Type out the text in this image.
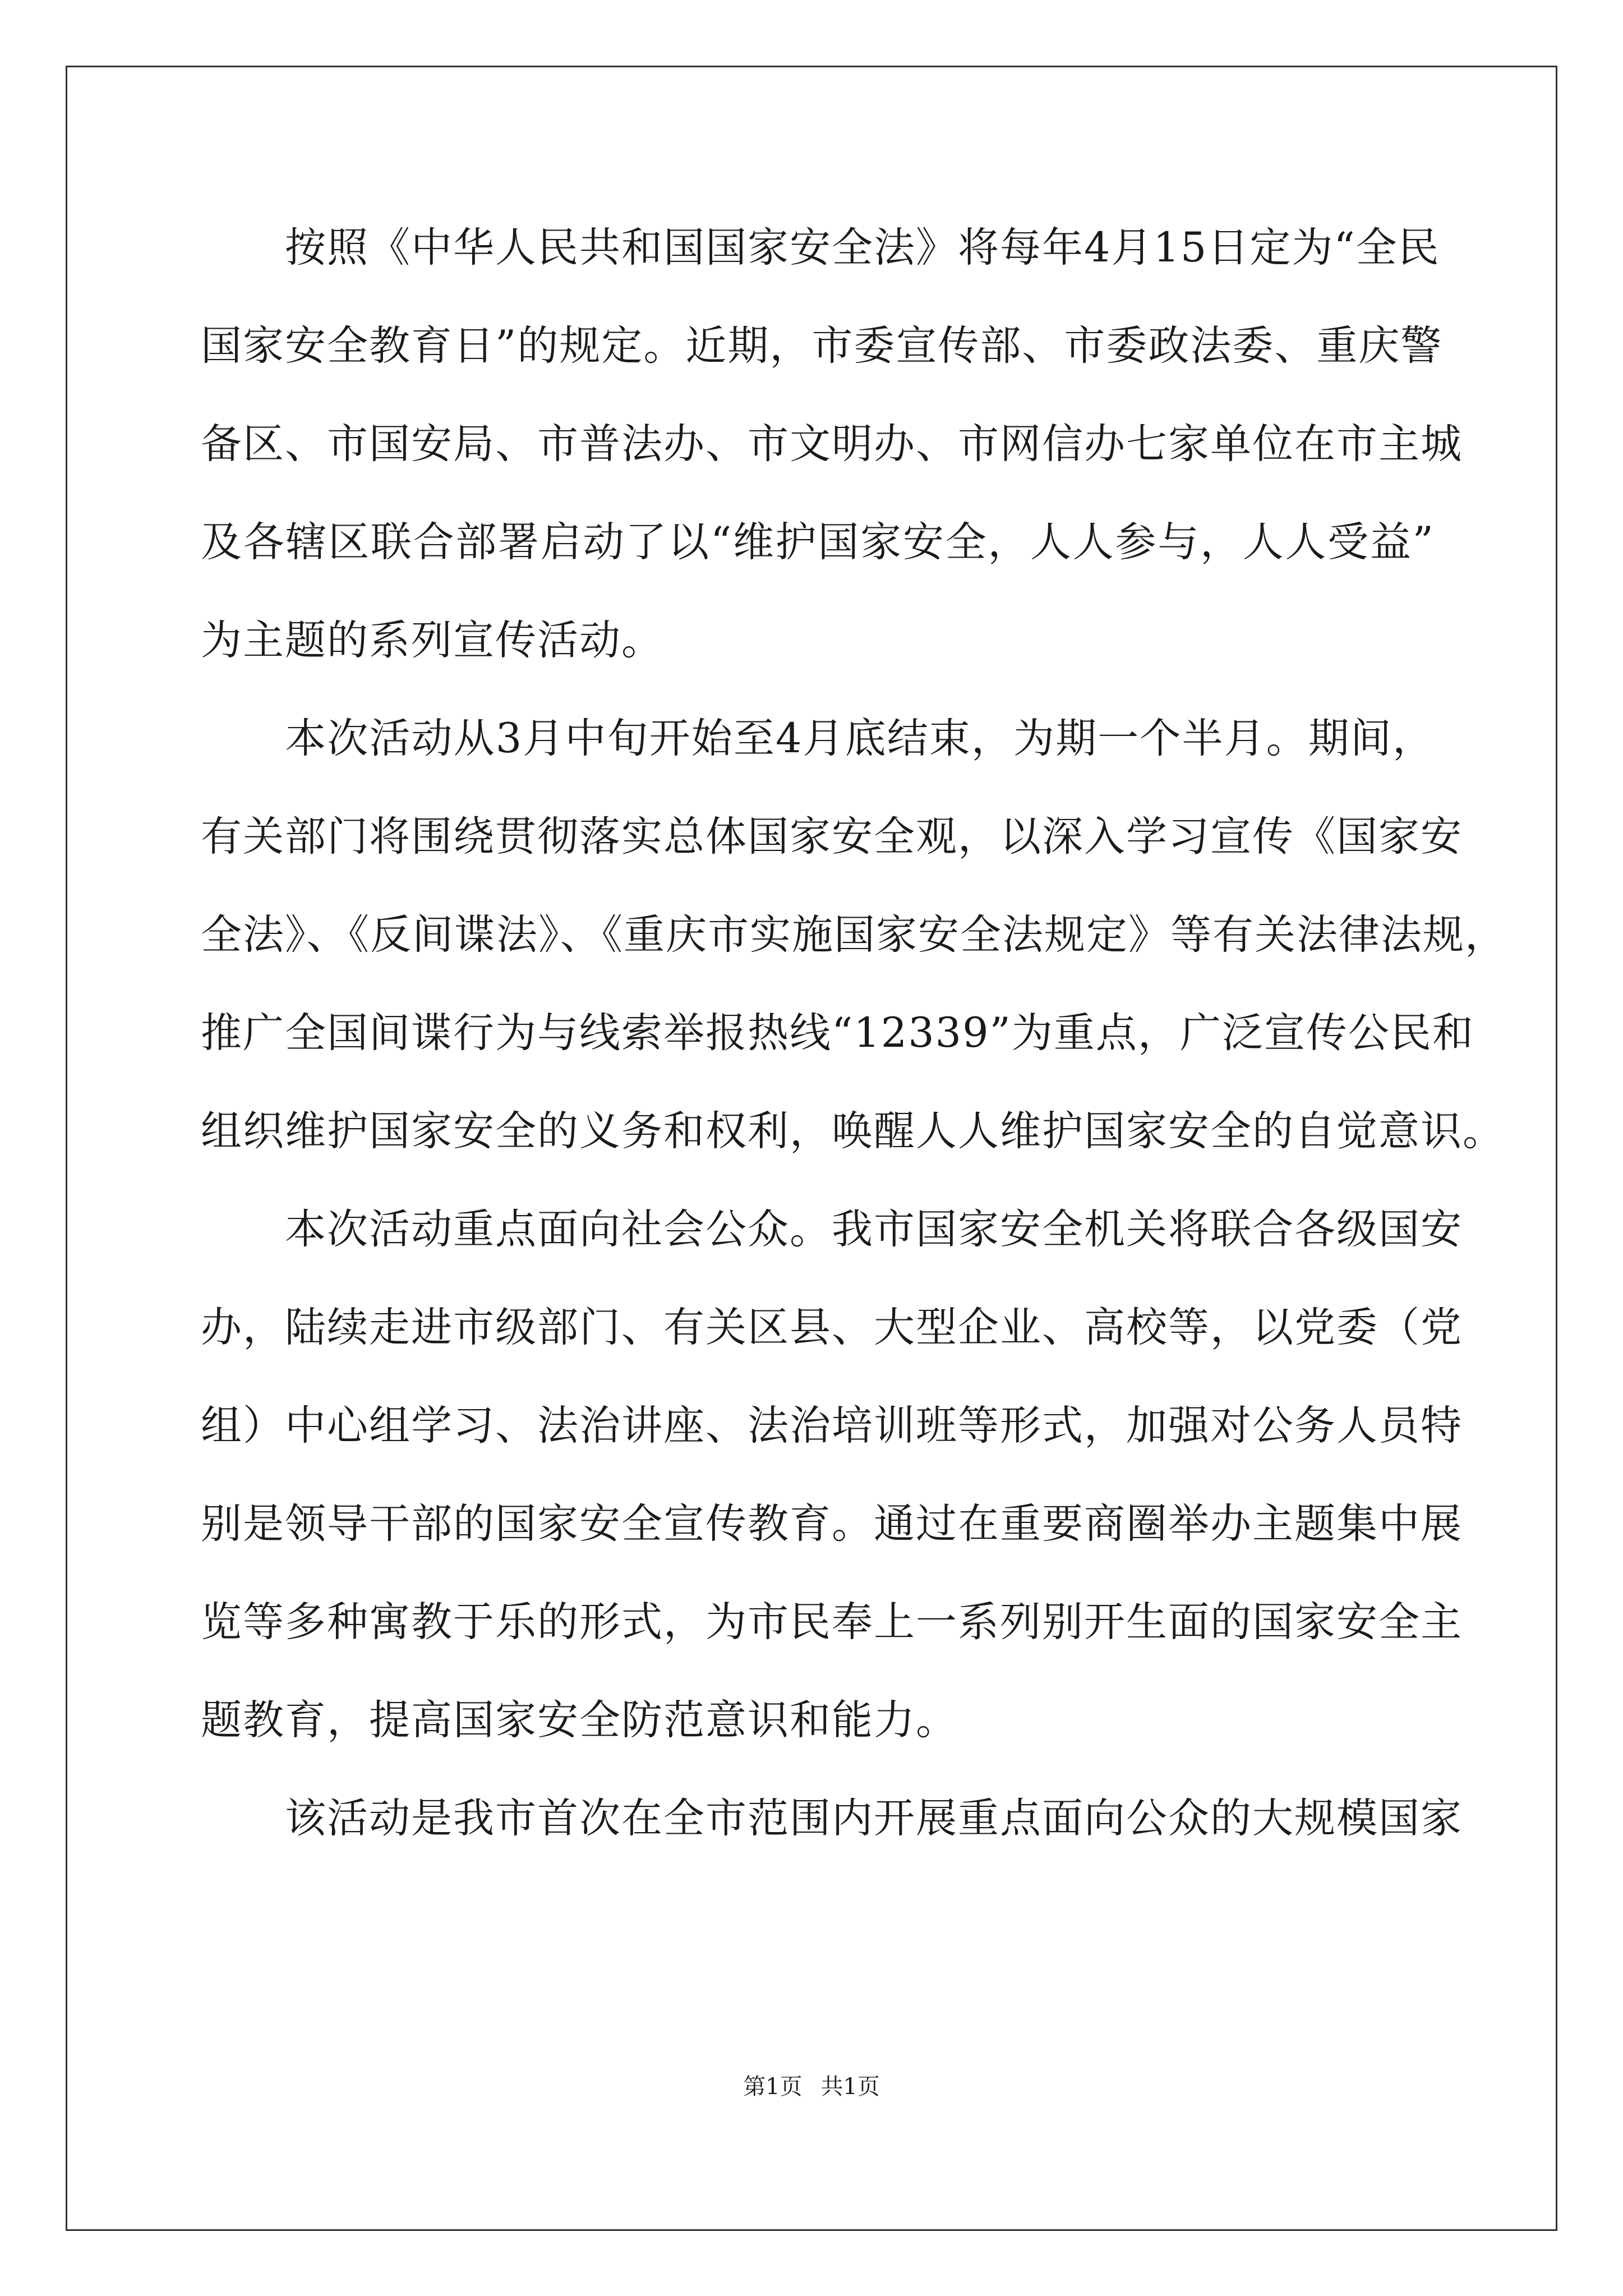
　　按照《中华人民共和国国家安全法》将每年4月15日定为“全民
国家安全教育日”的规定。近期，市委宣传部、市委政法委、重庆警
备区、市国安局、市普法办、市文明办、市网信办七家单位在市主城
及各辖区联合部署启动了以“维护国家安全，人人参与，人人受益”
为主题的系列宣传活动。
　　本次活动从3月中旬开始至4月底结束，为期一个半月。期间，
有关部门将围绕贯彻落实总体国家安全观，以深入学习宣传《国家安
全法》、《反间谍法》、《重庆市实施国家安全法规定》等有关法律法规，
推广全国间谍行为与线索举报热线“12339”为重点，广泛宣传公民和
组织维护国家安全的义务和权利，唤醒人人维护国家安全的自觉意识。
　　本次活动重点面向社会公众。我市国家安全机关将联合各级国安
办，陆续走进市级部门、有关区县、大型企业、高校等，以党委（党
组）中心组学习、法治讲座、法治培训班等形式，加强对公务人员特
别是领导干部的国家安全宣传教育。通过在重要商圈举办主题集中展
览等多种寓教于乐的形式，为市民奉上一系列别开生面的国家安全主
题教育，提高国家安全防范意识和能力。
　　该活动是我市首次在全市范围内开展重点面向公众的大规模国家
第1页 共1页
